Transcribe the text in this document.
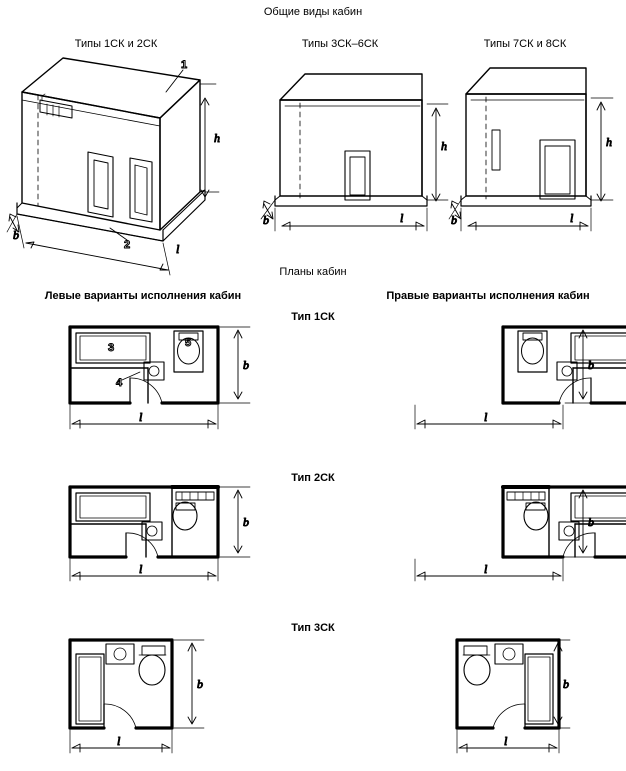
Общие виды кабин
Типы 1СК и 2СК	Типы 3СК–6СК	Типы 7СК и 8СК
Планы кабин
Левые варианты исполнения кабин	Правые варианты исполнения кабин
Тип 1СК
Тип 2СК
Тип 3СК
h
b
l
1
2
h
b	l
h
b	l
b
l
3
4
5
b
l
b
l
b
l
b
l
b
l
